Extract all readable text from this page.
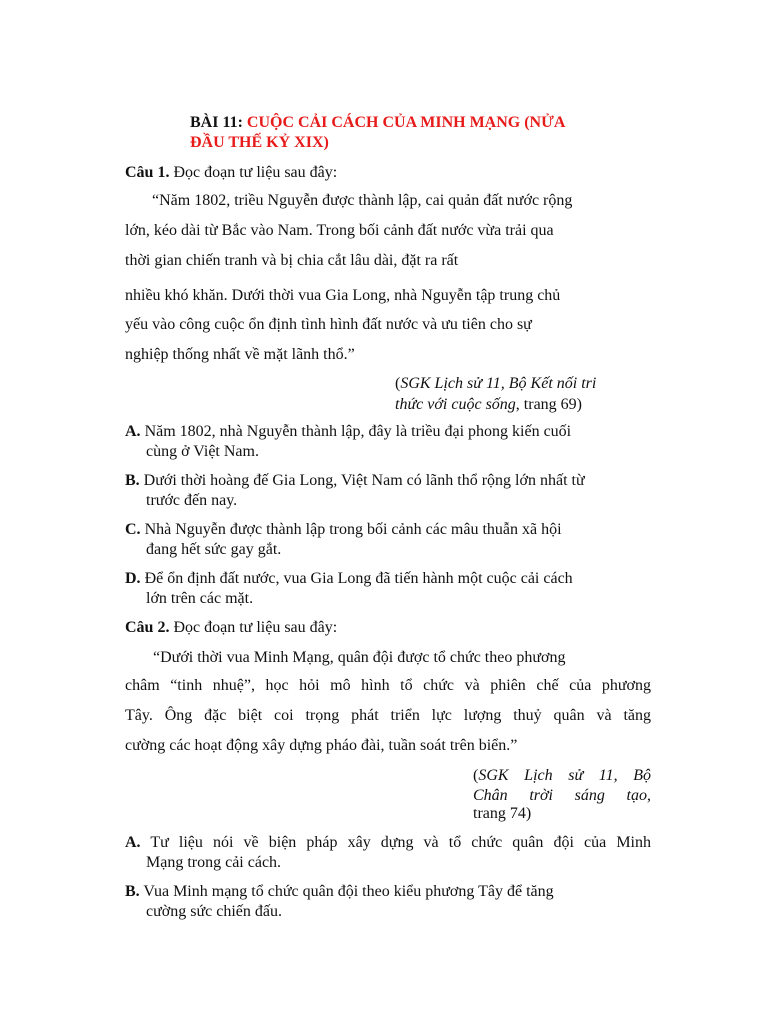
BÀI 11: CUỘC CẢI CÁCH CỦA MINH MẠNG (NỬA
ĐẦU THẾ KỶ XIX)
Câu 1. Đọc đoạn tư liệu sau đây:
“Năm 1802, triều Nguyễn được thành lập, cai quản đất nước rộng
lớn, kéo dài từ Bắc vào Nam. Trong bối cảnh đất nước vừa trải qua
thời gian chiến tranh và bị chia cắt lâu dài, đặt ra rất
nhiều khó khăn. Dưới thời vua Gia Long, nhà Nguyễn tập trung chủ
yếu vào công cuộc ổn định tình hình đất nước và ưu tiên cho sự
nghiệp thống nhất về mặt lãnh thổ.”
(SGK Lịch sử 11, Bộ Kết nối tri
thức với cuộc sống, trang 69)
A. Năm 1802, nhà Nguyễn thành lập, đây là triều đại phong kiến cuối
cùng ở Việt Nam.
B. Dưới thời hoàng đế Gia Long, Việt Nam có lãnh thổ rộng lớn nhất từ
trước đến nay.
C. Nhà Nguyễn được thành lập trong bối cảnh các mâu thuẫn xã hội
đang hết sức gay gắt.
D. Để ổn định đất nước, vua Gia Long đã tiến hành một cuộc cải cách
lớn trên các mặt.
Câu 2. Đọc đoạn tư liệu sau đây:
“Dưới thời vua Minh Mạng, quân đội được tổ chức theo phương
châm “tinh nhuệ”, học hỏi mô hình tổ chức và phiên chế của phương
Tây. Ông đặc biệt coi trọng phát triển lực lượng thuỷ quân và tăng
cường các hoạt động xây dựng pháo đài, tuần soát trên biển.”
(SGK Lịch sử 11, Bộ
Chân trời sáng tạo,
trang 74)
A. Tư liệu nói về biện pháp xây dựng và tổ chức quân đội của Minh
Mạng trong cải cách.
B. Vua Minh mạng tổ chức quân đội theo kiểu phương Tây để tăng
cường sức chiến đấu.
